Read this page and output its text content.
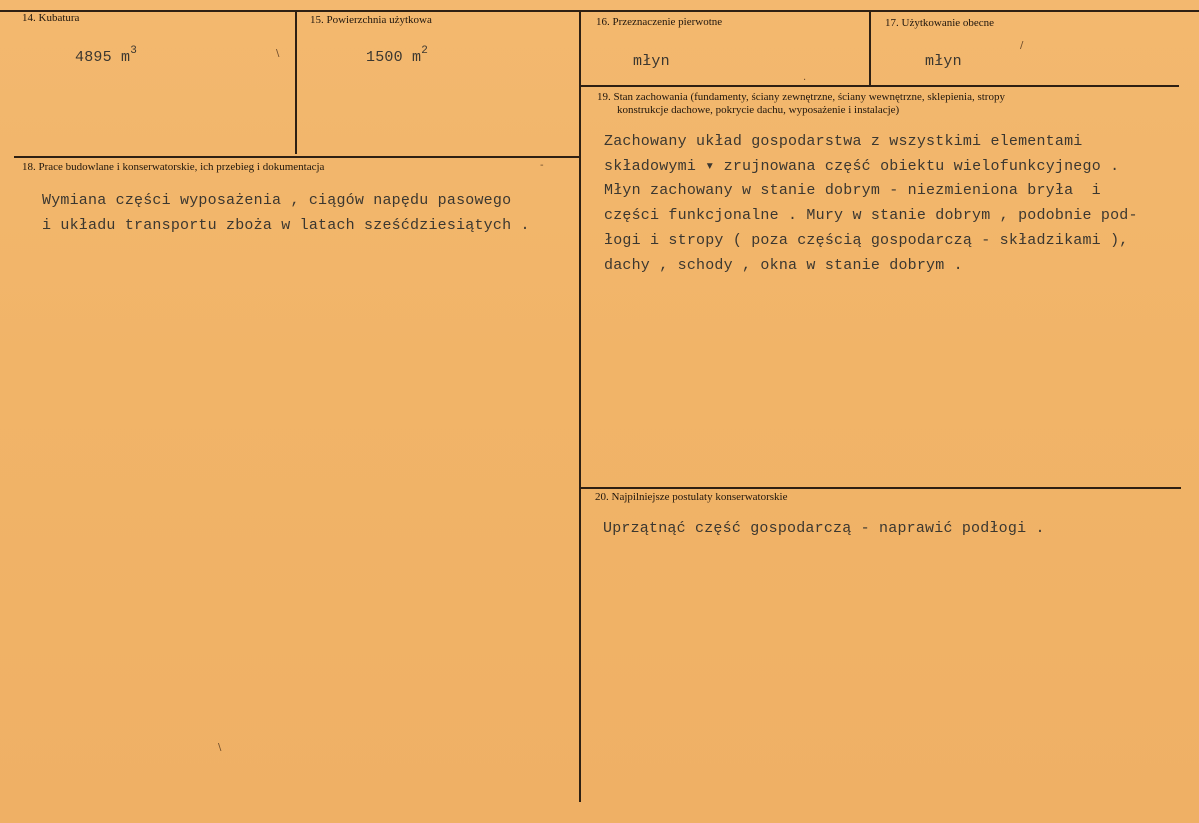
14. Kubatura
4895 $m^3$
15. Powierzchnia użytkowa
1500 $m^2$
16. Przeznaczenie pierwotne
młyn
17. Użytkowanie obecne
młyn
18. Prace budowlane i konserwatorskie, ich przebieg i dokumentacja
Wymiana części wyposażenia , ciągów napędu pasowego
i układu transportu zboża w latach sześćdziesiątych .
19. Stan zachowania (fundamenty, ściany zewnętrzne, ściany wewnętrzne, sklepienia, stropy
konstrukcje dachowe, pokrycie dachu, wyposażenie i instalacje)
Zachowany układ gospodarstwa z wszystkimi elementami
składowymi ▾ zrujnowana część obiektu wielofunkcyjnego .
Młyn zachowany w stanie dobrym - niezmieniona bryła  i
części funkcjonalne . Mury w stanie dobrym , podobnie pod-
łogi i stropy ( poza częścią gospodarczą - składzikami ),
dachy , schody , okna w stanie dobrym .
20. Najpilniejsze postulaty konserwatorskie
Uprzątnąć część gospodarczą - naprawić podłogi .
\
/
\
-
.
